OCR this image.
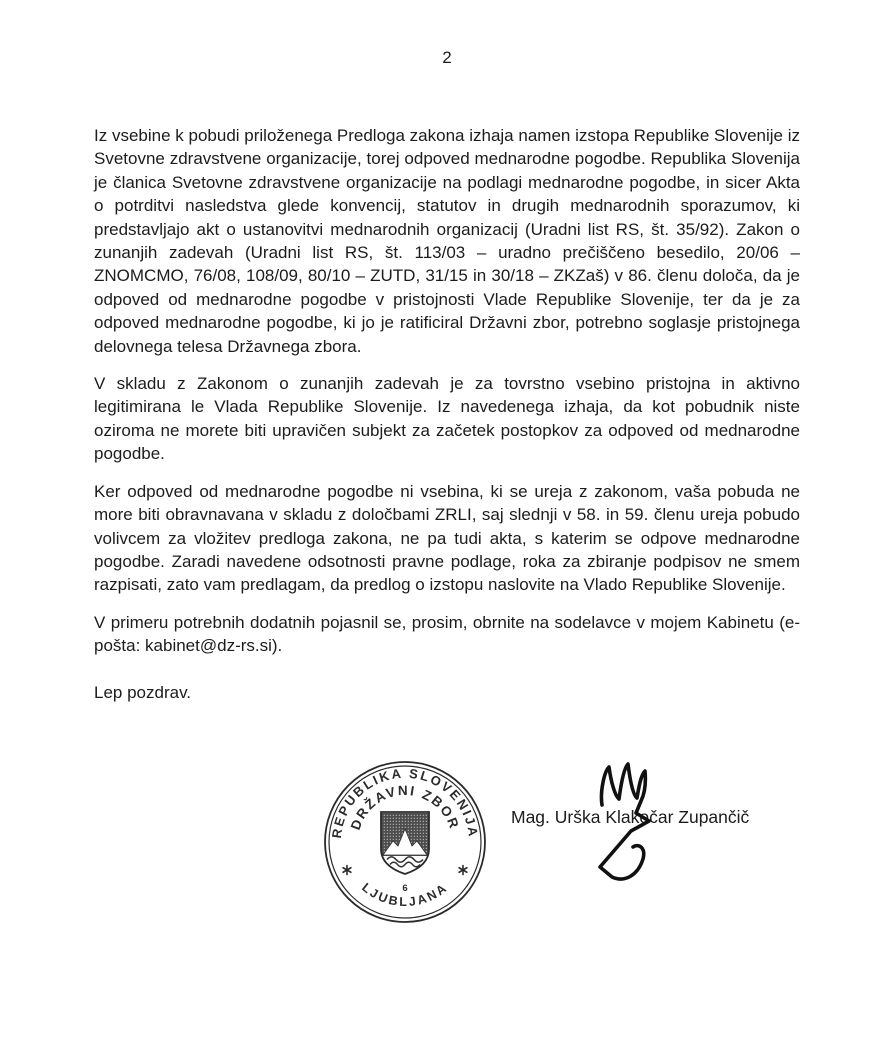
2

Iz vsebine k pobudi priloženega Predloga zakona izhaja namen izstopa Republike Slovenije iz Svetovne zdravstvene organizacije, torej odpoved mednarodne pogodbe. Republika Slovenija je članica Svetovne zdravstvene organizacije na podlagi mednarodne pogodbe, in sicer Akta o potrditvi nasledstva glede konvencij, statutov in drugih mednarodnih sporazumov, ki predstavljajo akt o ustanovitvi mednarodnih organizacij (Uradni list RS, št. 35/92). Zakon o zunanjih zadevah (Uradni list RS, št. 113/03 – uradno prečiščeno besedilo, 20/06 – ZNOMCMO, 76/08, 108/09, 80/10 – ZUTD, 31/15 in 30/18 – ZKZaš) v 86. členu določa, da je odpoved od mednarodne pogodbe v pristojnosti Vlade Republike Slovenije, ter da je za odpoved mednarodne pogodbe, ki jo je ratificiral Državni zbor, potrebno soglasje pristojnega delovnega telesa Državnega zbora.

V skladu z Zakonom o zunanjih zadevah je za tovrstno vsebino pristojna in aktivno legitimirana le Vlada Republike Slovenije. Iz navedenega izhaja, da kot pobudnik niste oziroma ne morete biti upravičen subjekt za začetek postopkov za odpoved od mednarodne pogodbe.

Ker odpoved od mednarodne pogodbe ni vsebina, ki se ureja z zakonom, vaša pobuda ne more biti obravnavana v skladu z določbami ZRLI, saj slednji v 58. in 59. členu ureja pobudo volivcem za vložitev predloga zakona, ne pa tudi akta, s katerim se odpove mednarodne pogodbe. Zaradi navedene odsotnosti pravne podlage, roka za zbiranje podpisov ne smem razpisati, zato vam predlagam, da predlog o izstopu naslovite na Vlado Republike Slovenije.

V primeru potrebnih dodatnih pojasnil se, prosim, obrnite na sodelavce v mojem Kabinetu (e-pošta: kabinet@dz-rs.si).

Lep pozdrav.

REPUBLIKA SLOVENIJA
DRŽAVNI ZBOR
LJUBLJANA
6
Mag. Urška Klakočar Zupančič
